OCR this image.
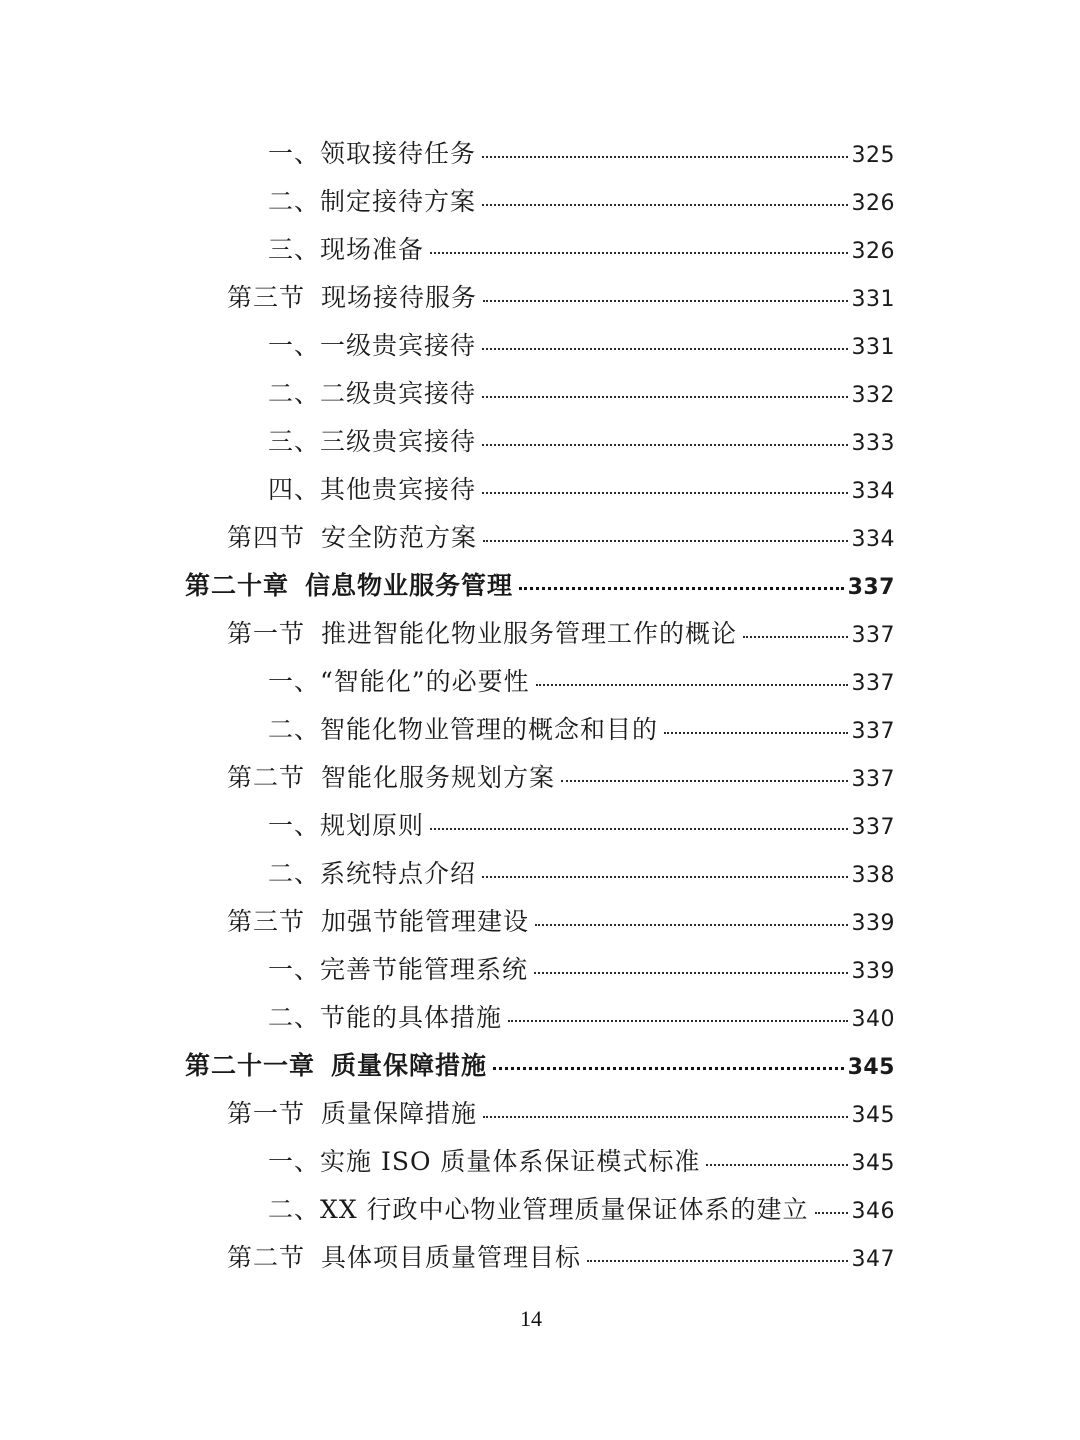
一、 领取接待任务	325
二、 制定接待方案	326
三、 现场准备	326
第三节 现场接待服务	331
一、 一级贵宾接待	331
二、 二级贵宾接待	332
三、 三级贵宾接待	333
四、 其他贵宾接待	334
第四节 安全防范方案	334
第二十章 信息物业服务管理	337
第一节 推进智能化物业服务管理工作的概论	337
一、 “智能化”的必要性	337
二、 智能化物业管理的概念和目的	337
第二节 智能化服务规划方案	337
一、 规划原则	337
二、 系统特点介绍	338
第三节 加强节能管理建设	339
一、 完善节能管理系统	339
二、 节能的具体措施	340
第二十一章 质量保障措施	345
第一节 质量保障措施	345
一、 实施 ISO 质量体系保证模式标准	345
二、 XX 行政中心物业管理质量保证体系的建立 346
第二节 具体项目质量管理目标	347
14
